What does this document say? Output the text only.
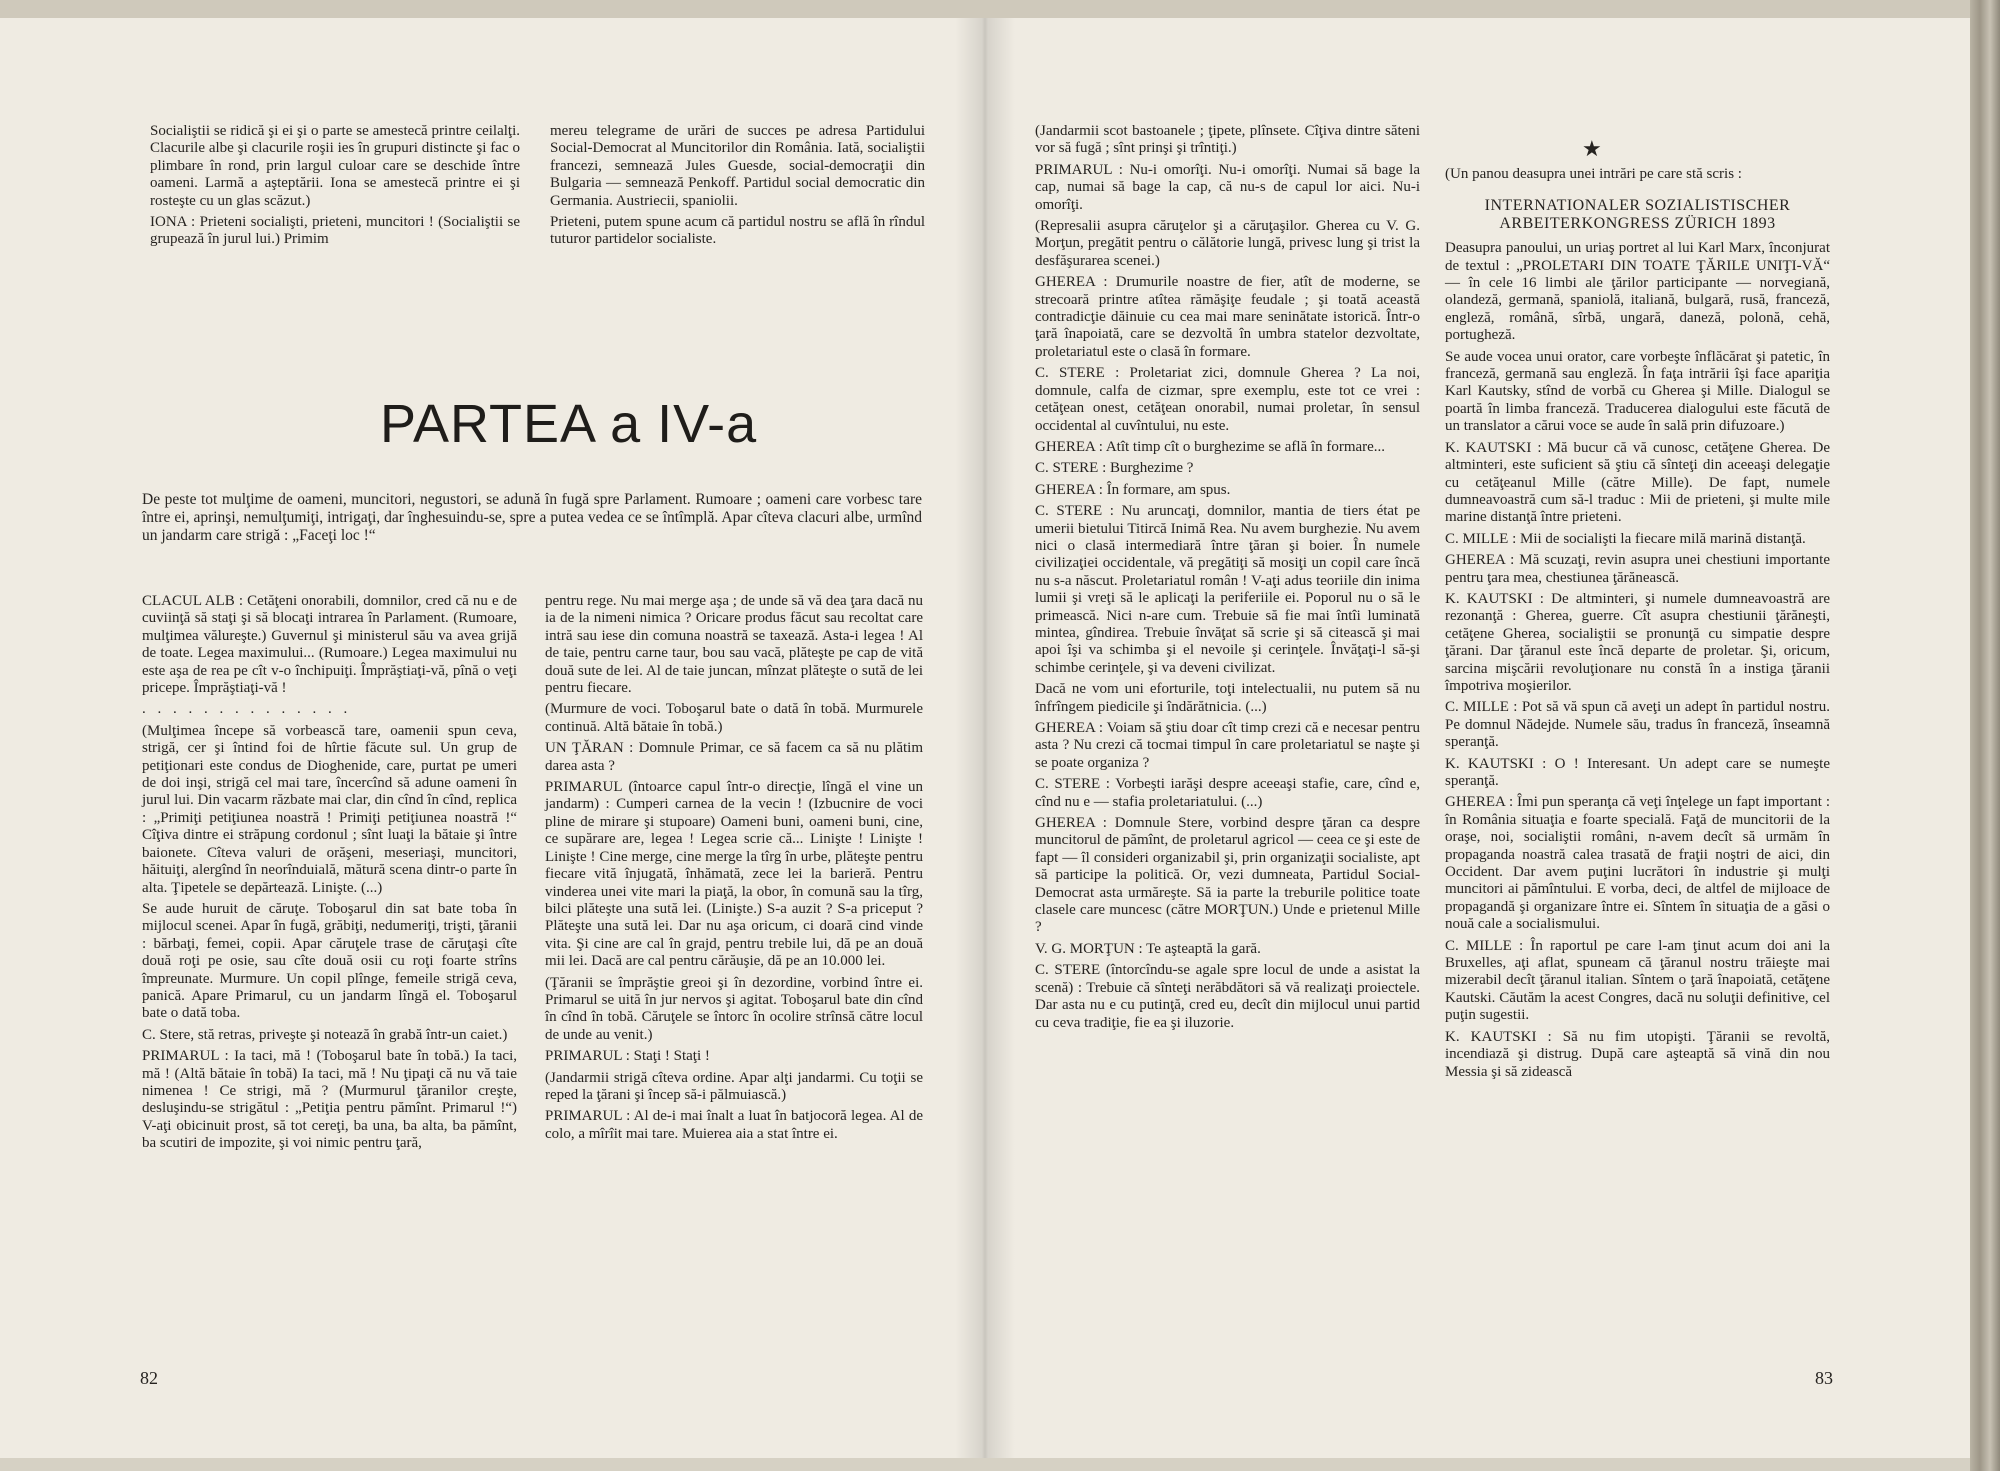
Socialiştii se ridică şi ei şi o parte se amestecă printre ceilalţi. Clacurile albe şi clacurile roşii ies în grupuri distincte şi fac o plimbare în rond, prin largul culoar care se deschide între oameni. Larmă a aşteptării. Iona se amestecă printre ei şi rosteşte cu un glas scăzut.)

IONA : Prieteni socialişti, prieteni, muncitori ! (Socialiştii se grupează în jurul lui.) Primim

mereu telegrame de urări de succes pe adresa Partidului Social-Democrat al Muncitorilor din România. Iată, socialiştii francezi, semnează Jules Guesde, social-democraţii din Bulgaria — semnează Penkoff. Partidul social democratic din Germania. Austriecii, spaniolii.

Prieteni, putem spune acum că partidul nostru se află în rîndul tuturor partidelor socialiste.

PARTEA a IV-a
De peste tot mulţime de oameni, muncitori, negustori, se adună în fugă spre Parlament. Rumoare ; oameni care vorbesc tare între ei, aprinşi, nemulţumiţi, intrigaţi, dar înghesuindu-se, spre a putea vedea ce se întîmplă. Apar cîteva clacuri albe, urmînd un jandarm care strigă : „Faceţi loc !“

CLACUL ALB : Cetăţeni onorabili, domnilor, cred că nu e de cuviinţă să staţi şi să blocaţi intrarea în Parlament. (Rumoare, mulţimea vălureşte.) Guvernul şi ministerul său va avea grijă de toate. Legea maximului... (Rumoare.) Legea maximului nu este aşa de rea pe cît v-o închipuiţi. Împrăştiaţi-vă, pînă o veţi pricepe. Împrăştiaţi-vă !

. . . . . . . . . . . . . .

(Mulţimea începe să vorbească tare, oamenii spun ceva, strigă, cer şi întind foi de hîrtie făcute sul. Un grup de petiţionari este condus de Dioghenide, care, purtat pe umeri de doi inşi, strigă cel mai tare, încercînd să adune oameni în jurul lui. Din vacarm răzbate mai clar, din cînd în cînd, replica : „Primiţi petiţiunea noastră ! Primiţi petiţiunea noastră !“ Cîţiva dintre ei străpung cordonul ; sînt luaţi la bătaie şi între baionete. Cîteva valuri de orăşeni, meseriaşi, muncitori, hăituiţi, alergînd în neorînduială, mătură scena dintr-o parte în alta. Ţipetele se depărtează. Linişte. (...)

Se aude huruit de căruţe. Toboşarul din sat bate toba în mijlocul scenei. Apar în fugă, grăbiţi, nedumeriţi, trişti, ţăranii : bărbaţi, femei, copii. Apar căruţele trase de căruţaşi cîte două roţi pe osie, sau cîte două osii cu roţi foarte strîns împreunate. Murmure. Un copil plînge, femeile strigă ceva, panică. Apare Primarul, cu un jandarm lîngă el. Toboşarul bate o dată toba.

C. Stere, stă retras, priveşte şi notează în grabă într-un caiet.)

PRIMARUL : Ia taci, mă ! (Toboşarul bate în tobă.) Ia taci, mă ! (Altă bătaie în tobă) Ia taci, mă ! Nu ţipaţi că nu vă taie nimenea ! Ce strigi, mă ? (Murmurul ţăranilor creşte, desluşindu-se strigătul : „Petiţia pentru pămînt. Primarul !“) V-aţi obicinuit prost, să tot cereţi, ba una, ba alta, ba pămînt, ba scutiri de impozite, şi voi nimic pentru ţară,

pentru rege. Nu mai merge aşa ; de unde să vă dea ţara dacă nu ia de la nimeni nimica ? Oricare produs făcut sau recoltat care intră sau iese din comuna noastră se taxează. Asta-i legea ! Al de taie, pentru carne taur, bou sau vacă, plăteşte pe cap de vită două sute de lei. Al de taie juncan, mînzat plăteşte o sută de lei pentru fiecare.

(Murmure de voci. Toboşarul bate o dată în tobă. Murmurele continuă. Altă bătaie în tobă.)

UN ŢĂRAN : Domnule Primar, ce să facem ca să nu plătim darea asta ?

PRIMARUL (întoarce capul într-o direcţie, lîngă el vine un jandarm) : Cumperi carnea de la vecin ! (Izbucnire de voci pline de mirare şi stupoare) Oameni buni, oameni buni, cine, ce supărare are, legea ! Legea scrie că... Linişte ! Linişte ! Linişte ! Cine merge, cine merge la tîrg în urbe, plăteşte pentru fiecare vită înjugată, înhămată, zece lei la barieră. Pentru vinderea unei vite mari la piaţă, la obor, în comună sau la tîrg, bilci plăteşte una sută lei. (Linişte.) S-a auzit ? S-a priceput ? Plăteşte una sută lei. Dar nu aşa oricum, ci doară cind vinde vita. Şi cine are cal în grajd, pentru trebile lui, dă pe an două mii lei. Dacă are cal pentru cărăuşie, dă pe an 10.000 lei.

(Ţăranii se împrăştie greoi şi în dezordine, vorbind între ei. Primarul se uită în jur nervos şi agitat. Toboşarul bate din cînd în cînd în tobă. Căruţele se întorc în ocolire strînsă către locul de unde au venit.)

PRIMARUL : Staţi ! Staţi !

(Jandarmii strigă cîteva ordine. Apar alţi jandarmi. Cu toţii se reped la ţărani şi încep să-i pălmuiască.)

PRIMARUL : Al de-i mai înalt a luat în batjocoră legea. Al de colo, a mîrîit mai tare. Muierea aia a stat între ei.

82

(Jandarmii scot bastoanele ; ţipete, plînsete. Cîţiva dintre săteni vor să fugă ; sînt prinşi şi trîntiţi.)

PRIMARUL : Nu-i omorîţi. Nu-i omorîţi. Numai să bage la cap, numai să bage la cap, că nu-s de capul lor aici. Nu-i omorîţi.

(Represalii asupra căruţelor şi a căruţaşilor. Gherea cu V. G. Morţun, pregătit pentru o călătorie lungă, privesc lung şi trist la desfăşurarea scenei.)

GHEREA : Drumurile noastre de fier, atît de moderne, se strecoară printre atîtea rămăşiţe feudale ; şi toată această contradicţie dăinuie cu cea mai mare seninătate istorică. Într-o ţară înapoiată, care se dezvoltă în umbra statelor dezvoltate, proletariatul este o clasă în formare.

C. STERE : Proletariat zici, domnule Gherea ? La noi, domnule, calfa de cizmar, spre exemplu, este tot ce vrei : cetăţean onest, cetăţean onorabil, numai proletar, în sensul occidental al cuvîntului, nu este.

GHEREA : Atît timp cît o burghezime se află în formare...

C. STERE : Burghezime ?

GHEREA : În formare, am spus.

C. STERE : Nu aruncaţi, domnilor, mantia de tiers état pe umerii bietului Titircă Inimă Rea. Nu avem burghezie. Nu avem nici o clasă intermediară între ţăran şi boier. În numele civilizaţiei occidentale, vă pregătiţi să mosiţi un copil care încă nu s-a născut. Proletariatul român ! V-aţi adus teoriile din inima lumii şi vreţi să le aplicaţi la periferiile ei. Poporul nu o să le primească. Nici n-are cum. Trebuie să fie mai întîi luminată mintea, gîndirea. Trebuie învăţat să scrie şi să citească şi mai apoi îşi va schimba şi el nevoile şi cerinţele. Învăţaţi-l să-şi schimbe cerinţele, şi va deveni civilizat.

Dacă ne vom uni eforturile, toţi intelectualii, nu putem să nu înfrîngem piedicile şi îndărătnicia. (...)

GHEREA : Voiam să ştiu doar cît timp crezi că e necesar pentru asta ? Nu crezi că tocmai timpul în care proletariatul se naşte şi se poate organiza ?

C. STERE : Vorbeşti iarăşi despre aceeaşi stafie, care, cînd e, cînd nu e — stafia proletariatului. (...)

GHEREA : Domnule Stere, vorbind despre ţăran ca despre muncitorul de pămînt, de proletarul agricol — ceea ce şi este de fapt — îl consideri organizabil şi, prin organizaţii socialiste, apt să participe la politică. Or, vezi dumneata, Partidul Social-Democrat asta urmăreşte. Să ia parte la treburile politice toate clasele care muncesc (către MORŢUN.) Unde e prietenul Mille ?

V. G. MORŢUN : Te aşteaptă la gară.

C. STERE (întorcîndu-se agale spre locul de unde a asistat la scenă) : Trebuie că sînteţi nerăbdători să vă realizaţi proiectele. Dar asta nu e cu putinţă, cred eu, decît din mijlocul unui partid cu ceva tradiţie, fie ea şi iluzorie.

★

(Un panou deasupra unei intrări pe care stă scris :

INTERNATIONALER SOZIALISTISCHER

ARBEITERKONGRESS ZÜRICH 1893

Deasupra panoului, un uriaş portret al lui Karl Marx, înconjurat de textul : „PROLETARI DIN TOATE ŢĂRILE UNIŢI-VĂ“ — în cele 16 limbi ale ţărilor participante — norvegiană, olandeză, germană, spaniolă, italiană, bulgară, rusă, franceză, engleză, română, sîrbă, ungară, daneză, polonă, cehă, portugheză.

Se aude vocea unui orator, care vorbeşte înflăcărat şi patetic, în franceză, germană sau engleză. În faţa intrării îşi face apariţia Karl Kautsky, stînd de vorbă cu Gherea şi Mille. Dialogul se poartă în limba franceză. Traducerea dialogului este făcută de un translator a cărui voce se aude în sală prin difuzoare.)

K. KAUTSKI : Mă bucur că vă cunosc, cetăţene Gherea. De altminteri, este suficient să ştiu că sînteţi din aceeaşi delegaţie cu cetăţeanul Mille (către Mille). De fapt, numele dumneavoastră cum să-l traduc : Mii de prieteni, şi multe mile marine distanţă între prieteni.

C. MILLE : Mii de socialişti la fiecare milă marină distanţă.

GHEREA : Mă scuzaţi, revin asupra unei chestiuni importante pentru ţara mea, chestiunea ţărănească.

K. KAUTSKI : De altminteri, şi numele dumneavoastră are rezonanţă : Gherea, guerre. Cît asupra chestiunii ţărăneşti, cetăţene Gherea, socialiştii se pronunţă cu simpatie despre ţărani. Dar ţăranul este încă departe de proletar. Şi, oricum, sarcina mişcării revoluţionare nu constă în a instiga ţăranii împotriva moşierilor.

C. MILLE : Pot să vă spun că aveţi un adept în partidul nostru. Pe domnul Nădejde. Numele său, tradus în franceză, înseamnă speranţă.

K. KAUTSKI : O ! Interesant. Un adept care se numeşte speranţă.

GHEREA : Îmi pun speranţa că veţi înţelege un fapt important : în România situaţia e foarte specială. Faţă de muncitorii de la oraşe, noi, socialiştii români, n-avem decît să urmăm în propaganda noastră calea trasată de fraţii noştri de aici, din Occident. Dar avem puţini lucrători în industrie şi mulţi muncitori ai pămîntului. E vorba, deci, de altfel de mijloace de propagandă şi organizare între ei. Sîntem în situaţia de a găsi o nouă cale a socialismului.

C. MILLE : În raportul pe care l-am ţinut acum doi ani la Bruxelles, aţi aflat, spuneam că ţăranul nostru trăieşte mai mizerabil decît ţăranul italian. Sîntem o ţară înapoiată, cetăţene Kautski. Căutăm la acest Congres, dacă nu soluţii definitive, cel puţin sugestii.

K. KAUTSKI : Să nu fim utopişti. Ţăranii se revoltă, incendiază şi distrug. După care aşteaptă să vină din nou Messia şi să zidească

83
